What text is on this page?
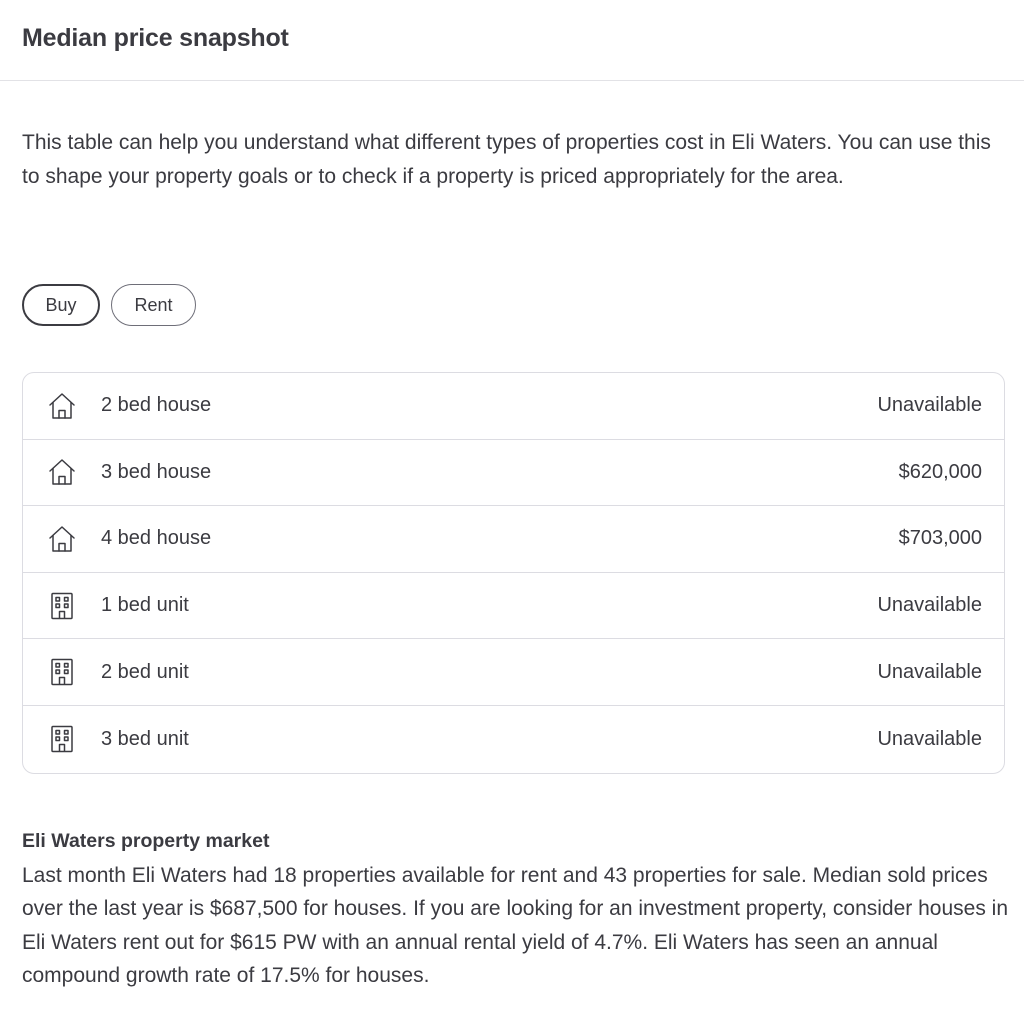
Median price snapshot

This table can help you understand what different types of properties cost in Eli Waters. You can use this to shape your property goals or to check if a property is priced appropriately for the area.

Buy	Rent
2 bed house	Unavailable
3 bed house	$620,000
4 bed house	$703,000
1 bed unit	Unavailable
2 bed unit	Unavailable
3 bed unit	Unavailable
Eli Waters property market

Last month Eli Waters had 18 properties available for rent and 43 properties for sale. Median sold prices over the last year is $687,500 for houses. If you are looking for an investment property, consider houses in Eli Waters rent out for $615 PW with an annual rental yield of 4.7%. Eli Waters has seen an annual compound growth rate of 17.5% for houses.
